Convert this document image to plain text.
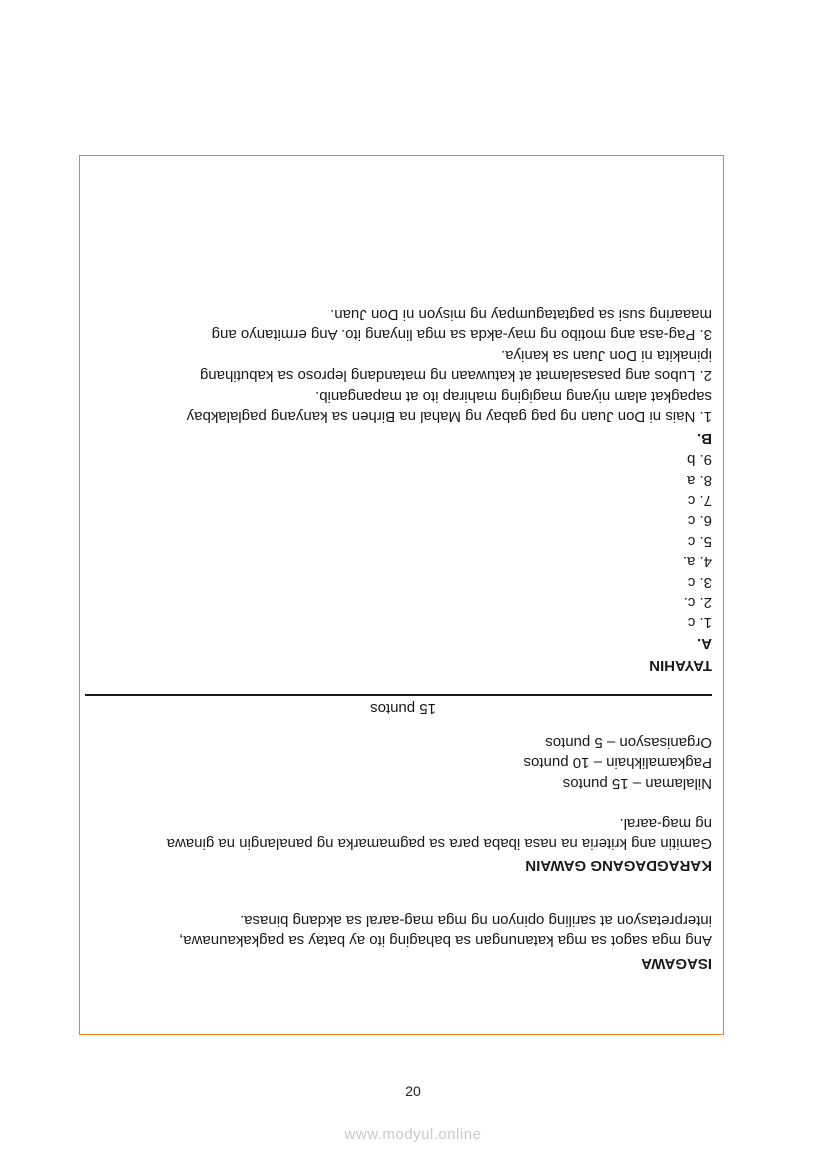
ISAGAWA
Ang mga sagot sa mga katanungan sa bahaging ito ay batay sa pagkakaunawa,
interpretasyon at sariling opinyon ng mga mag-aaral sa akdang binasa.
KARAGDAGANG GAWAIN
Gamitin ang kriteria na nasa ibaba para sa pagmamarka ng panalangin na ginawa
ng mag-aaral.
Nilalaman – 15 puntos
Pagkamalikhain – 10 puntos
Organisasyon – 5 puntos
15 puntos
TAYAHIN
A.
1. c
2. c.
3. c
4. a.
5. c
6. c
7. c
8. a
9. b
B.
1. Nais ni Don Juan ng pag gabay ng Mahal na Birhen sa kanyang paglalakbay
sapagkat alam niyang magiging mahirap ito at mapanganib.
2. Lubos ang pasasalamat at katuwaan ng matandang leproso sa kabutihang
ipinakita ni Don Juan sa kaniya.
3. Pag-asa ang motibo ng may-akda sa mga linyang ito. Ang ermitanyo ang
maaaring susi sa pagtatagumpay ng misyon ni Don Juan.
20
www.modyul.online
